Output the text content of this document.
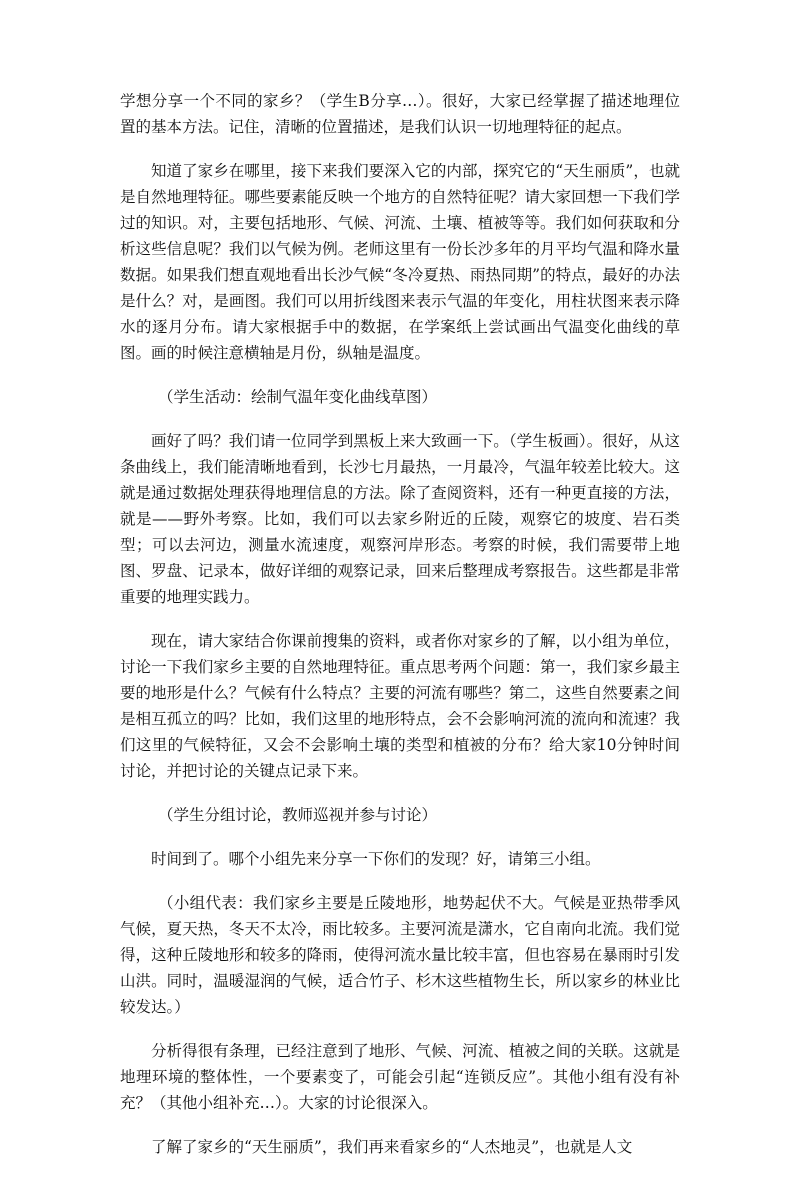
学想分享一个不同的家乡？（学生B分享…）。很好，大家已经掌握了描述地理位置的基本方法。记住，清晰的位置描述，是我们认识一切地理特征的起点。

知道了家乡在哪里，接下来我们要深入它的内部，探究它的“天生丽质”，也就是自然地理特征。哪些要素能反映一个地方的自然特征呢？请大家回想一下我们学过的知识。对，主要包括地形、气候、河流、土壤、植被等等。我们如何获取和分析这些信息呢？我们以气候为例。老师这里有一份长沙多年的月平均气温和降水量数据。如果我们想直观地看出长沙气候“冬冷夏热、雨热同期”的特点，最好的办法是什么？对，是画图。我们可以用折线图来表示气温的年变化，用柱状图来表示降水的逐月分布。请大家根据手中的数据，在学案纸上尝试画出气温变化曲线的草图。画的时候注意横轴是月份，纵轴是温度。

（学生活动：绘制气温年变化曲线草图）

画好了吗？我们请一位同学到黑板上来大致画一下。（学生板画）。很好，从这条曲线上，我们能清晰地看到，长沙七月最热，一月最冷，气温年较差比较大。这就是通过数据处理获得地理信息的方法。除了查阅资料，还有一种更直接的方法，就是——野外考察。比如，我们可以去家乡附近的丘陵，观察它的坡度、岩石类型；可以去河边，测量水流速度，观察河岸形态。考察的时候，我们需要带上地图、罗盘、记录本，做好详细的观察记录，回来后整理成考察报告。这些都是非常重要的地理实践力。

现在，请大家结合你课前搜集的资料，或者你对家乡的了解，以小组为单位，讨论一下我们家乡主要的自然地理特征。重点思考两个问题：第一，我们家乡最主要的地形是什么？气候有什么特点？主要的河流有哪些？第二，这些自然要素之间是相互孤立的吗？比如，我们这里的地形特点，会不会影响河流的流向和流速？我们这里的气候特征，又会不会影响土壤的类型和植被的分布？给大家10分钟时间讨论，并把讨论的关键点记录下来。

（学生分组讨论，教师巡视并参与讨论）

时间到了。哪个小组先来分享一下你们的发现？好，请第三小组。

（小组代表：我们家乡主要是丘陵地形，地势起伏不大。气候是亚热带季风气候，夏天热，冬天不太冷，雨比较多。主要河流是潇水，它自南向北流。我们觉得，这种丘陵地形和较多的降雨，使得河流水量比较丰富，但也容易在暴雨时引发山洪。同时，温暖湿润的气候，适合竹子、杉木这些植物生长，所以家乡的林业比较发达。）

分析得很有条理，已经注意到了地形、气候、河流、植被之间的关联。这就是地理环境的整体性，一个要素变了，可能会引起“连锁反应”。其他小组有没有补充？（其他小组补充…）。大家的讨论很深入。

了解了家乡的“天生丽质”，我们再来看家乡的“人杰地灵”，也就是人文
